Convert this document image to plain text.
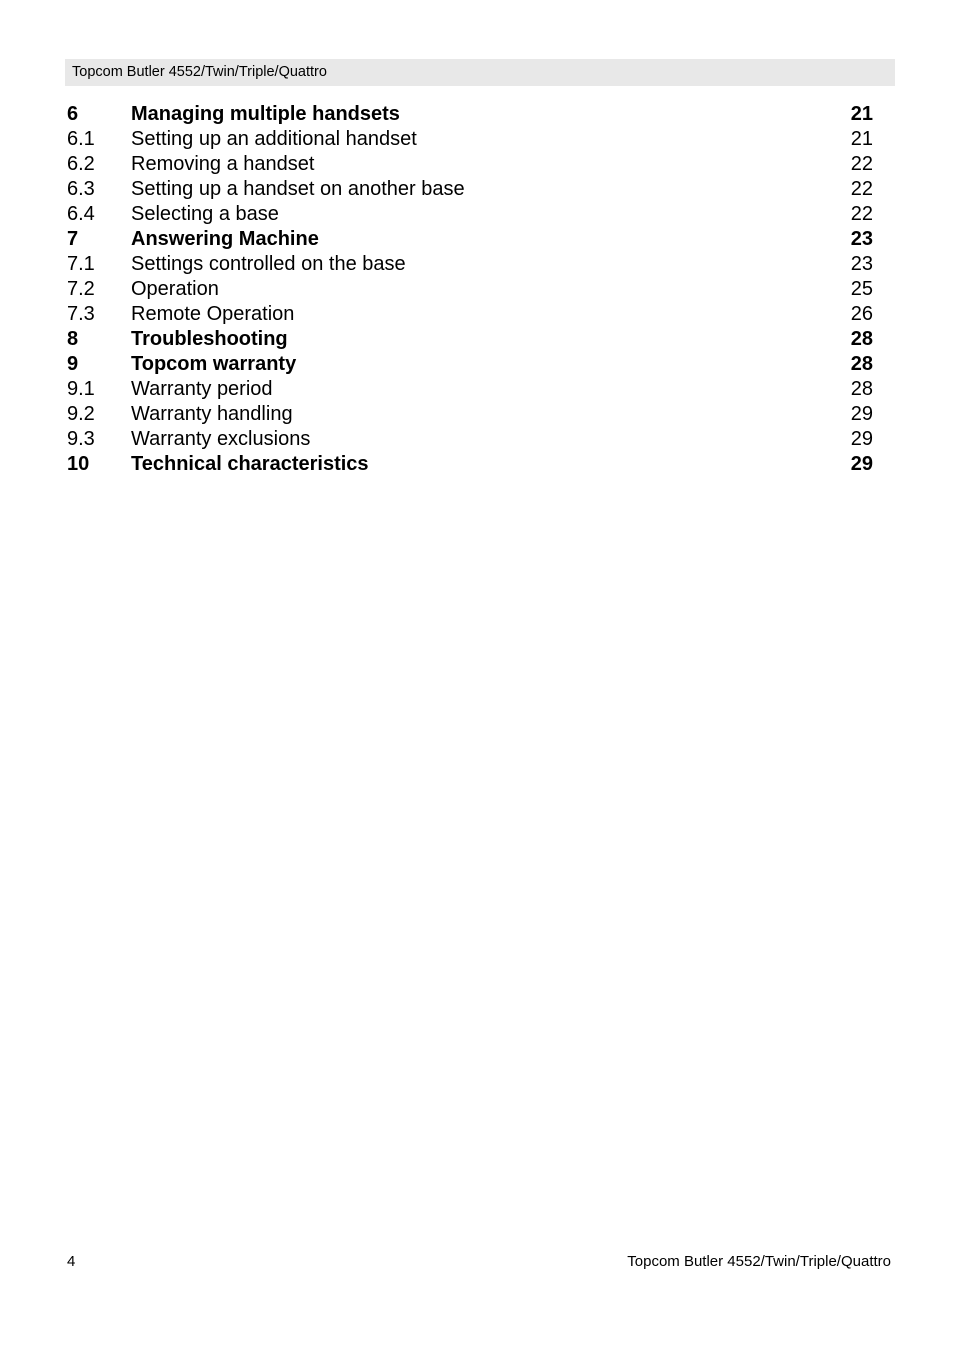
Topcom Butler 4552/Twin/Triple/Quattro
6	Managing multiple handsets	21
6.1 Setting up an additional handset	21
6.2 Removing a handset	22
6.3 Setting up a handset on another base	22
6.4 Selecting a base	22
7	Answering Machine	23
7.1 Settings controlled on the base	23
7.2 Operation	25
7.3 Remote Operation	26
8	Troubleshooting	28
9	Topcom warranty	28
9.1 Warranty period	28
9.2 Warranty handling	29
9.3 Warranty exclusions	29
10 Technical characteristics	29
4	Topcom Butler 4552/Twin/Triple/Quattro
